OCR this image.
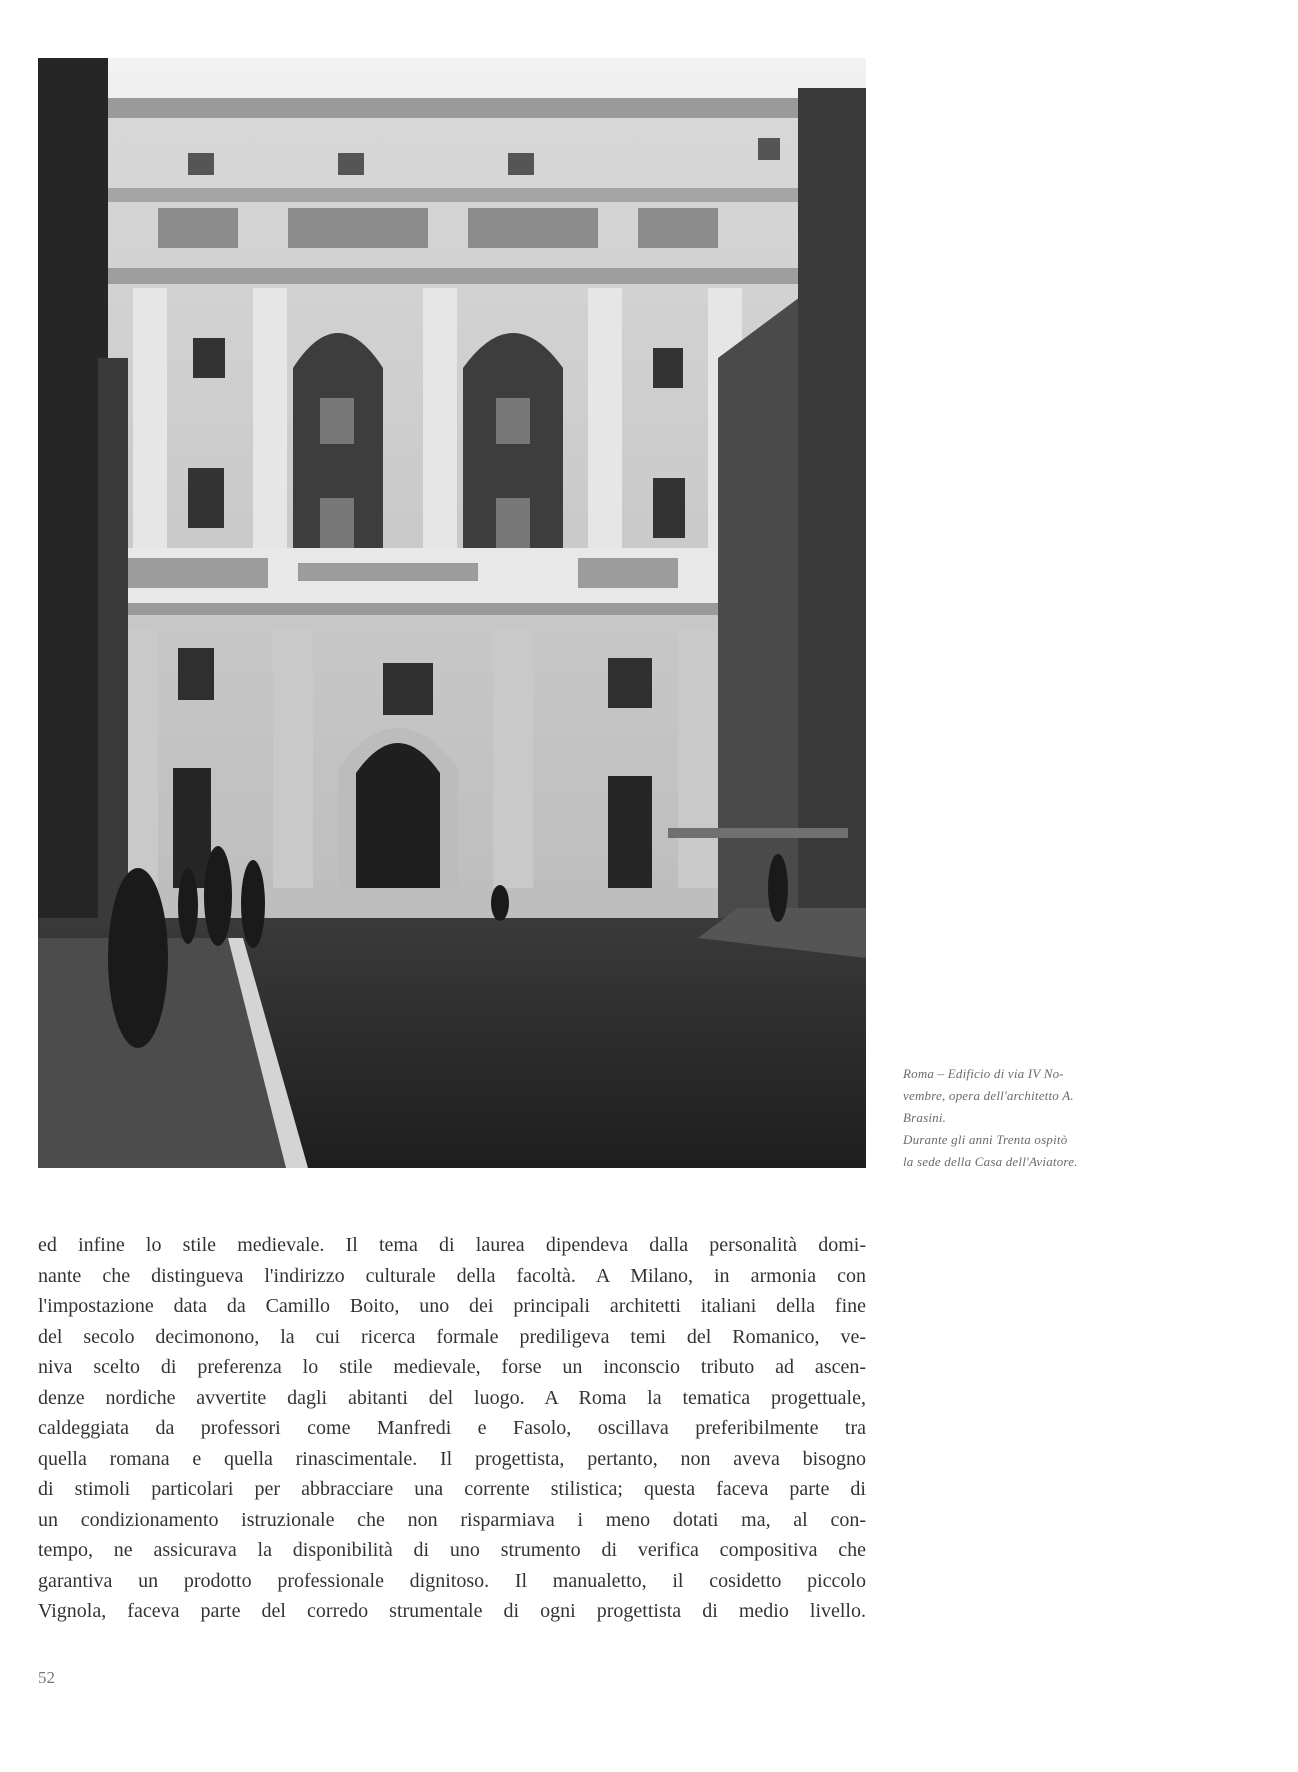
Roma – Edificio di via IV No-
vembre, opera dell'architetto A.
Brasini.
Durante gli anni Trenta ospitò
la sede della Casa dell'Aviatore.
ed infine lo stile medievale. Il tema di laurea dipendeva dalla personalità domi-
nante che distingueva l'indirizzo culturale della facoltà. A Milano, in armonia con
l'impostazione data da Camillo Boito, uno dei principali architetti italiani della fine
del secolo decimonono, la cui ricerca formale prediligeva temi del Romanico, ve-
niva scelto di preferenza lo stile medievale, forse un inconscio tributo ad ascen-
denze nordiche avvertite dagli abitanti del luogo. A Roma la tematica progettuale,
caldeggiata da professori come Manfredi e Fasolo, oscillava preferibilmente tra
quella romana e quella rinascimentale. Il progettista, pertanto, non aveva bisogno
di stimoli particolari per abbracciare una corrente stilistica; questa faceva parte di
un condizionamento istruzionale che non risparmiava i meno dotati ma, al con-
tempo, ne assicurava la disponibilità di uno strumento di verifica compositiva che
garantiva un prodotto professionale dignitoso. Il manualetto, il cosidetto piccolo
Vignola, faceva parte del corredo strumentale di ogni progettista di medio livello.
52
